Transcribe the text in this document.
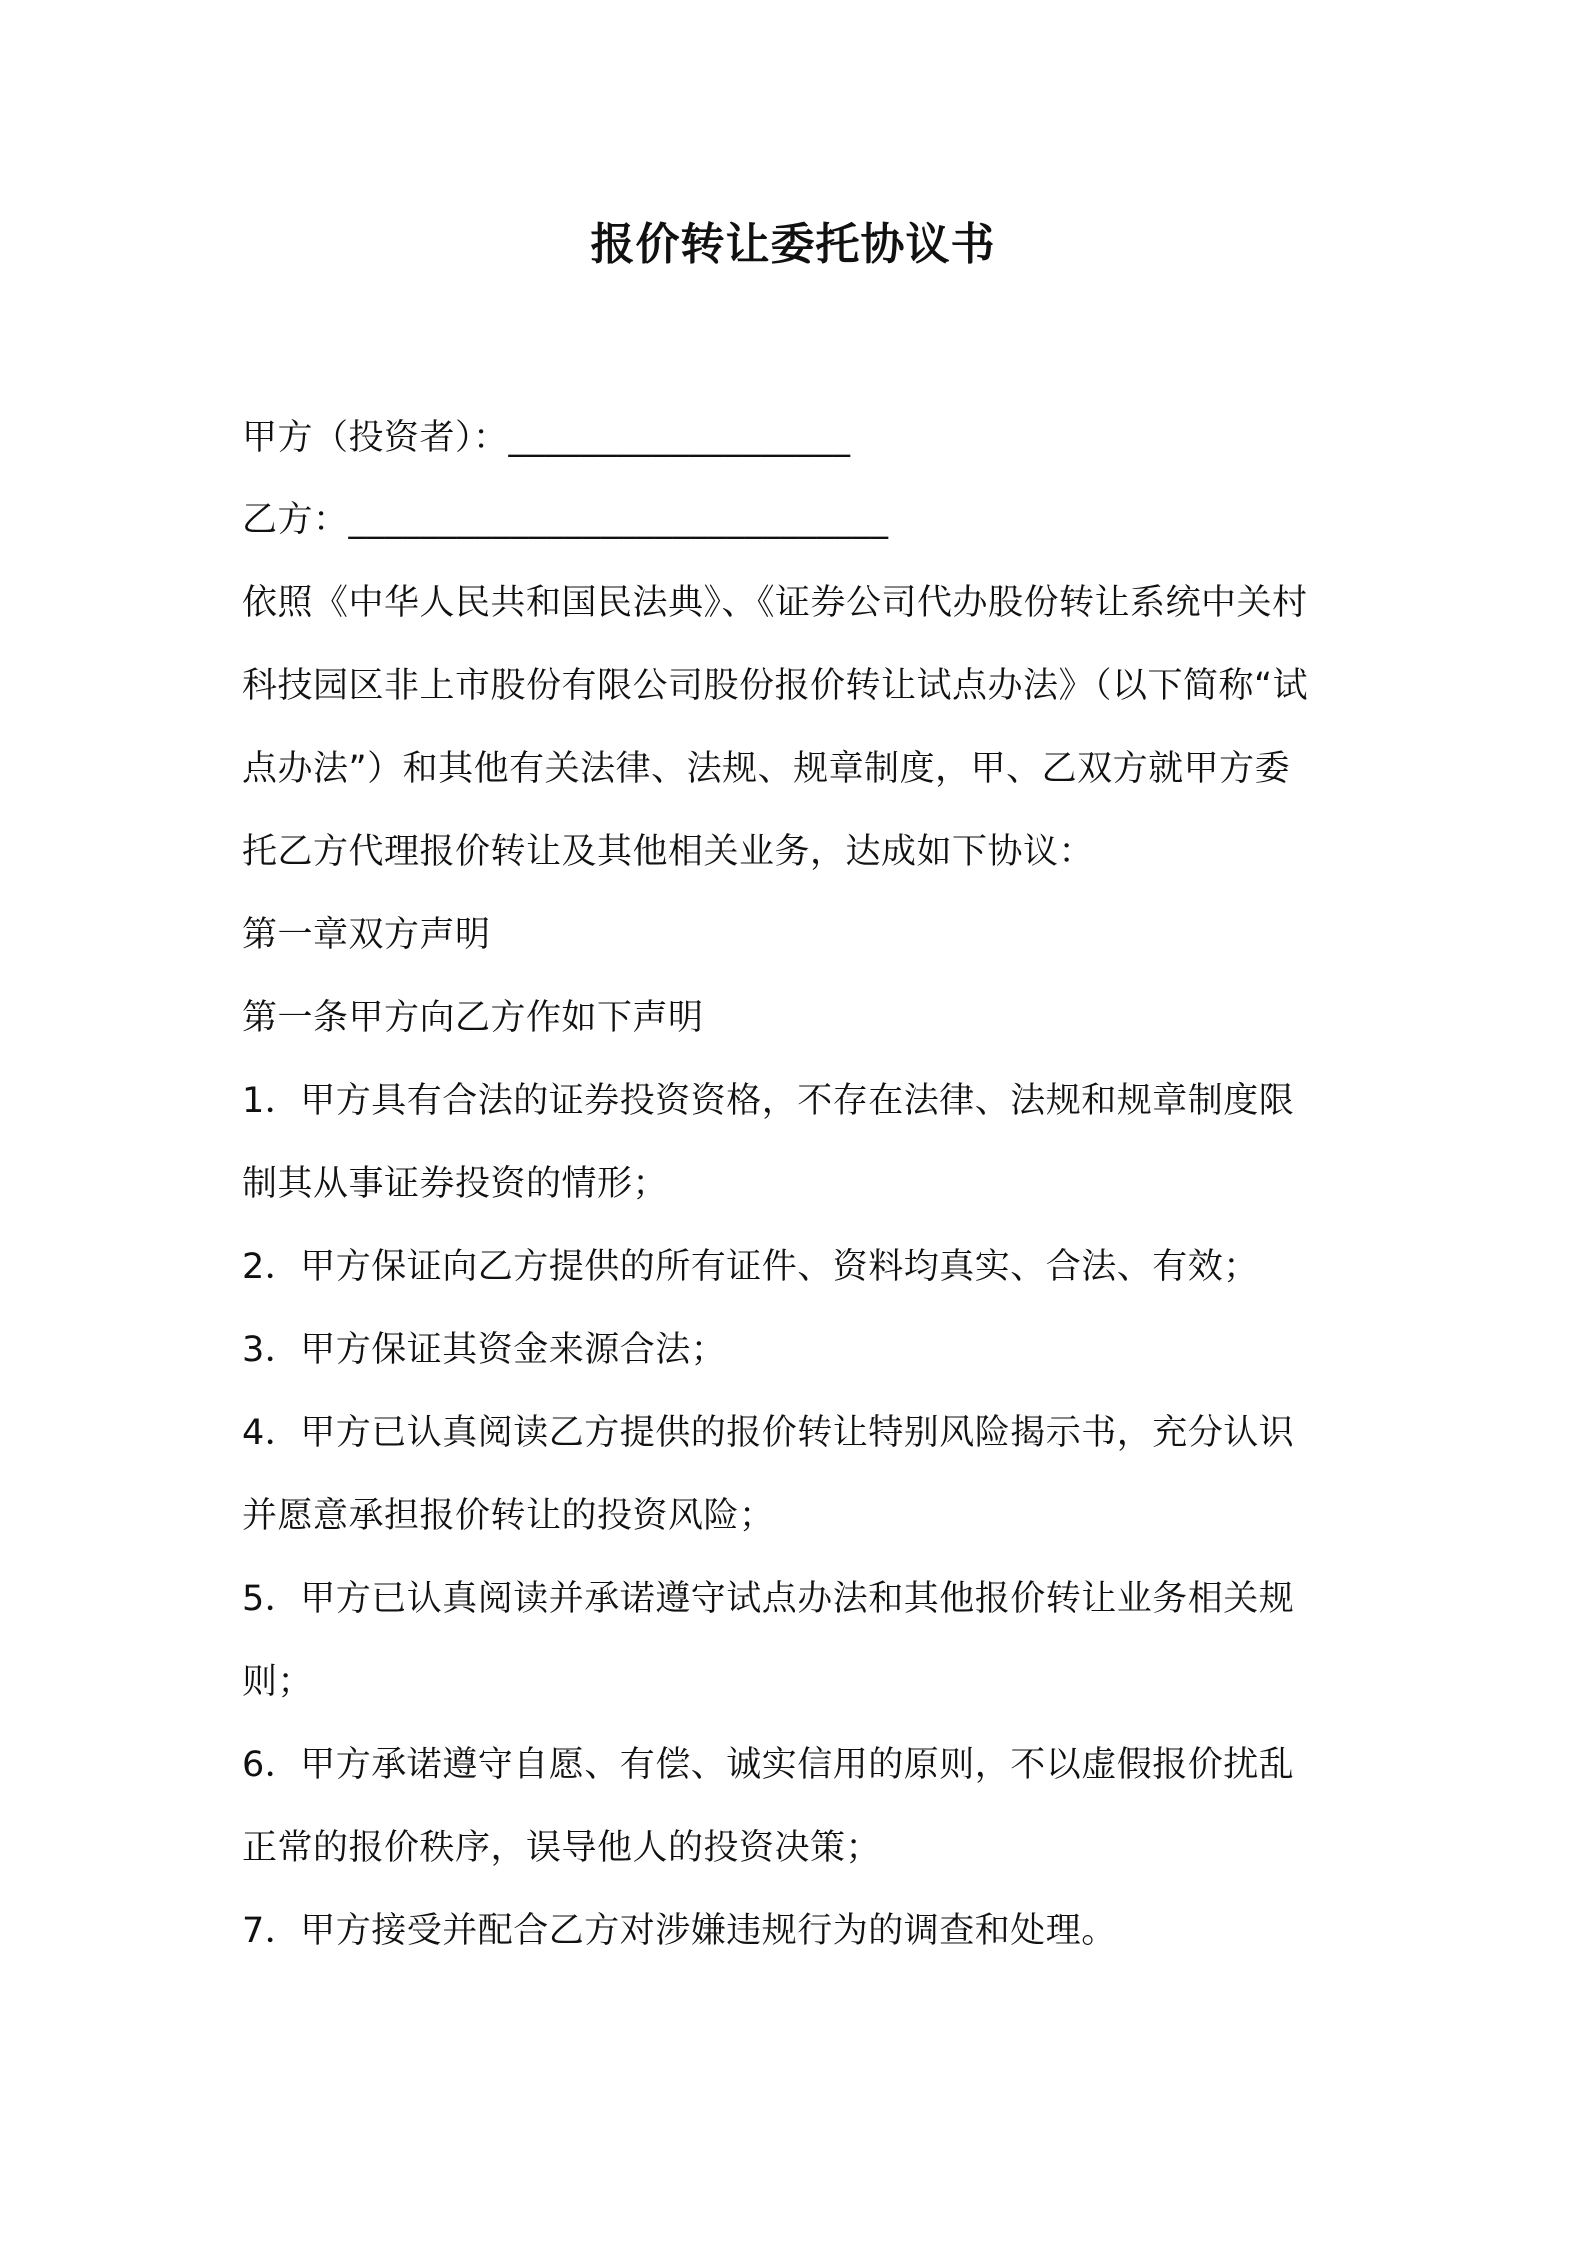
报价转让委托协议书
甲方（投资者）：___________________
乙方：______________________________
依照《中华人民共和国民法典》、《证券公司代办股份转让系统中关村
科技园区非上市股份有限公司股份报价转让试点办法》（以下简称“试
点办法”）和其他有关法律、法规、规章制度，甲、乙双方就甲方委
托乙方代理报价转让及其他相关业务，达成如下协议：
第一章双方声明
第一条甲方向乙方作如下声明
1．甲方具有合法的证券投资资格，不存在法律、法规和规章制度限
制其从事证券投资的情形；
2．甲方保证向乙方提供的所有证件、资料均真实、合法、有效；
3．甲方保证其资金来源合法；
4．甲方已认真阅读乙方提供的报价转让特别风险揭示书，充分认识
并愿意承担报价转让的投资风险；
5．甲方已认真阅读并承诺遵守试点办法和其他报价转让业务相关规
则；
6．甲方承诺遵守自愿、有偿、诚实信用的原则，不以虚假报价扰乱
正常的报价秩序，误导他人的投资决策；
7．甲方接受并配合乙方对涉嫌违规行为的调查和处理。
